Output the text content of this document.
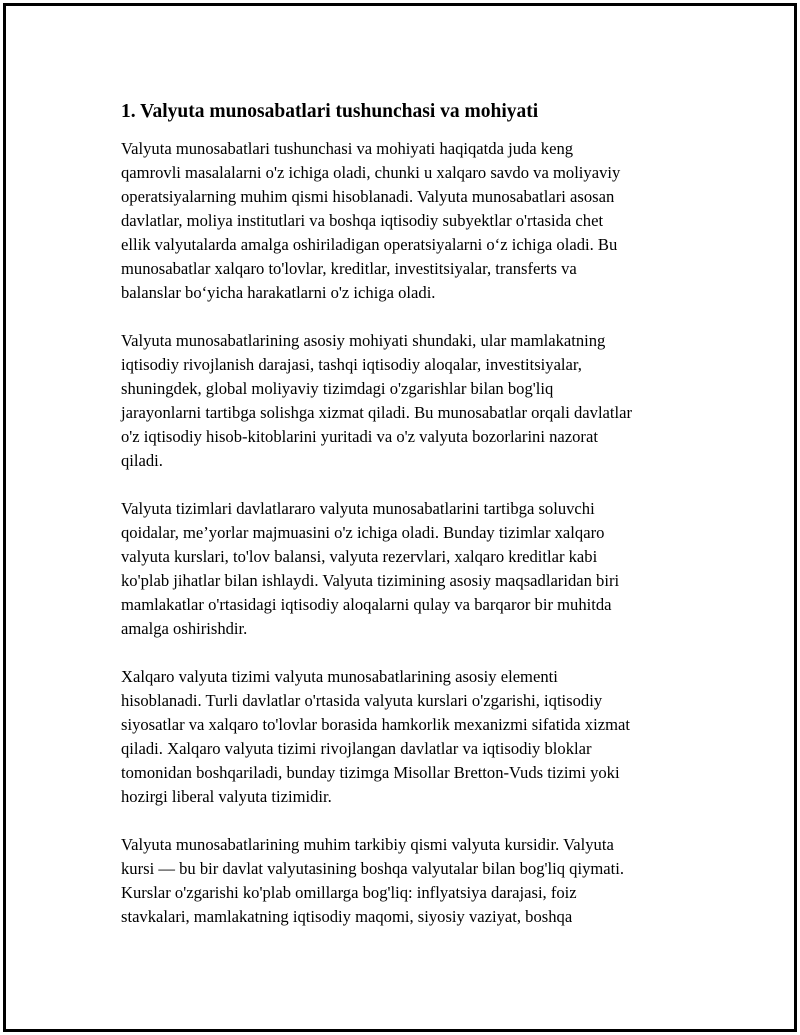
1. Valyuta munosabatlari tushunchasi va mohiyati

Valyuta munosabatlari tushunchasi va mohiyati haqiqatda juda keng
qamrovli masalalarni o'z ichiga oladi, chunki u xalqaro savdo va moliyaviy
operatsiyalarning muhim qismi hisoblanadi. Valyuta munosabatlari asosan
davlatlar, moliya institutlari va boshqa iqtisodiy subyektlar o'rtasida chet
ellik valyutalarda amalga oshiriladigan operatsiyalarni o‘z ichiga oladi. Bu
munosabatlar xalqaro to'lovlar, kreditlar, investitsiyalar, transferts va
balanslar bo‘yicha harakatlarni o'z ichiga oladi.

Valyuta munosabatlarining asosiy mohiyati shundaki, ular mamlakatning
iqtisodiy rivojlanish darajasi, tashqi iqtisodiy aloqalar, investitsiyalar,
shuningdek, global moliyaviy tizimdagi o'zgarishlar bilan bog'liq
jarayonlarni tartibga solishga xizmat qiladi. Bu munosabatlar orqali davlatlar
o'z iqtisodiy hisob-kitoblarini yuritadi va o'z valyuta bozorlarini nazorat
qiladi.

Valyuta tizimlari davlatlararo valyuta munosabatlarini tartibga soluvchi
qoidalar, me’yorlar majmuasini o'z ichiga oladi. Bunday tizimlar xalqaro
valyuta kurslari, to'lov balansi, valyuta rezervlari, xalqaro kreditlar kabi
ko'plab jihatlar bilan ishlaydi. Valyuta tizimining asosiy maqsadlaridan biri
mamlakatlar o'rtasidagi iqtisodiy aloqalarni qulay va barqaror bir muhitda
amalga oshirishdir.

Xalqaro valyuta tizimi valyuta munosabatlarining asosiy elementi
hisoblanadi. Turli davlatlar o'rtasida valyuta kurslari o'zgarishi, iqtisodiy
siyosatlar va xalqaro to'lovlar borasida hamkorlik mexanizmi sifatida xizmat
qiladi. Xalqaro valyuta tizimi rivojlangan davlatlar va iqtisodiy bloklar
tomonidan boshqariladi, bunday tizimga Misollar Bretton-Vuds tizimi yoki
hozirgi liberal valyuta tizimidir.

Valyuta munosabatlarining muhim tarkibiy qismi valyuta kursidir. Valyuta
kursi — bu bir davlat valyutasining boshqa valyutalar bilan bog'liq qiymati.
Kurslar o'zgarishi ko'plab omillarga bog'liq: inflyatsiya darajasi, foiz
stavkalari, mamlakatning iqtisodiy maqomi, siyosiy vaziyat, boshqa
